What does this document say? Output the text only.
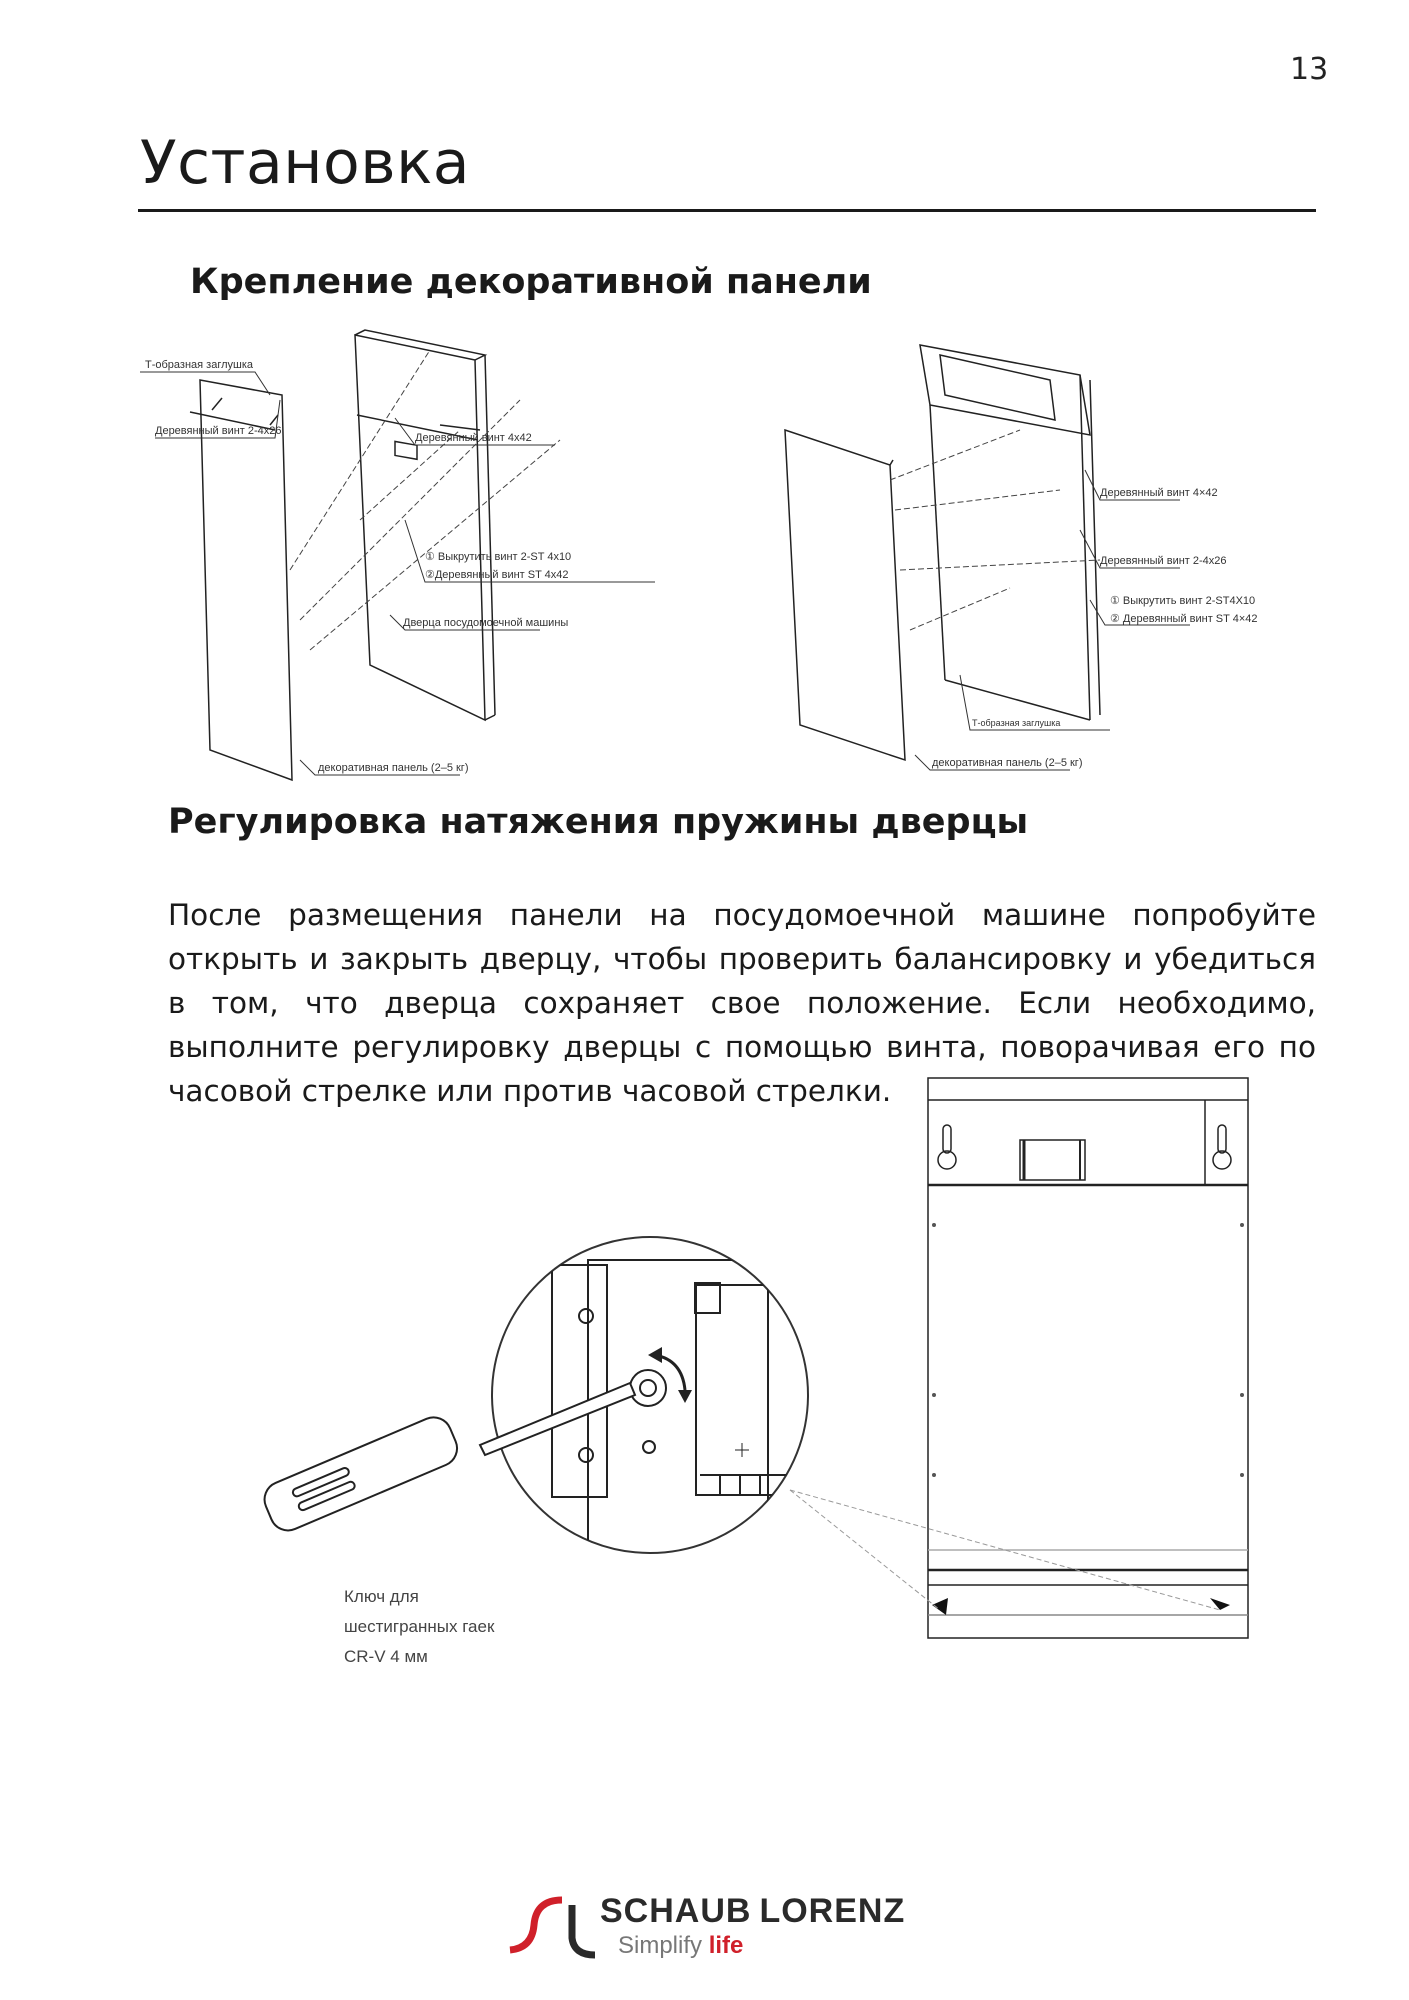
13
Установка
Крепление декоративной панели
Т-образная заглушка
Деревянный винт 2-4x26
Деревянный винт 4x42
① Выкрутить винт 2-ST 4x10
②Деревянный винт ST 4x42
Дверца посудомоечной машины
декоративная панель (2–5 кг)
Деревянный винт 4×42
Деревянный винт 2-4x26
① Выкрутить винт 2-ST4X10
② Деревянный винт ST 4×42
Т-образная заглушка
декоративная панель (2–5 кг)
Регулировка натяжения пружины дверцы

После размещения панели на посудомоечной машине попробуйте открыть и закрыть дверцу, чтобы проверить балансировку и убедиться в том, что дверца сохраняет свое положение. Если необходимо, выполните регулировку дверцы с помощью винта, поворачивая его по часовой стрелке или против часовой стрелки.

Ключ для
шестигранных гаек
CR-V 4 мм
SCHAUB LORENZ
Simplify life
